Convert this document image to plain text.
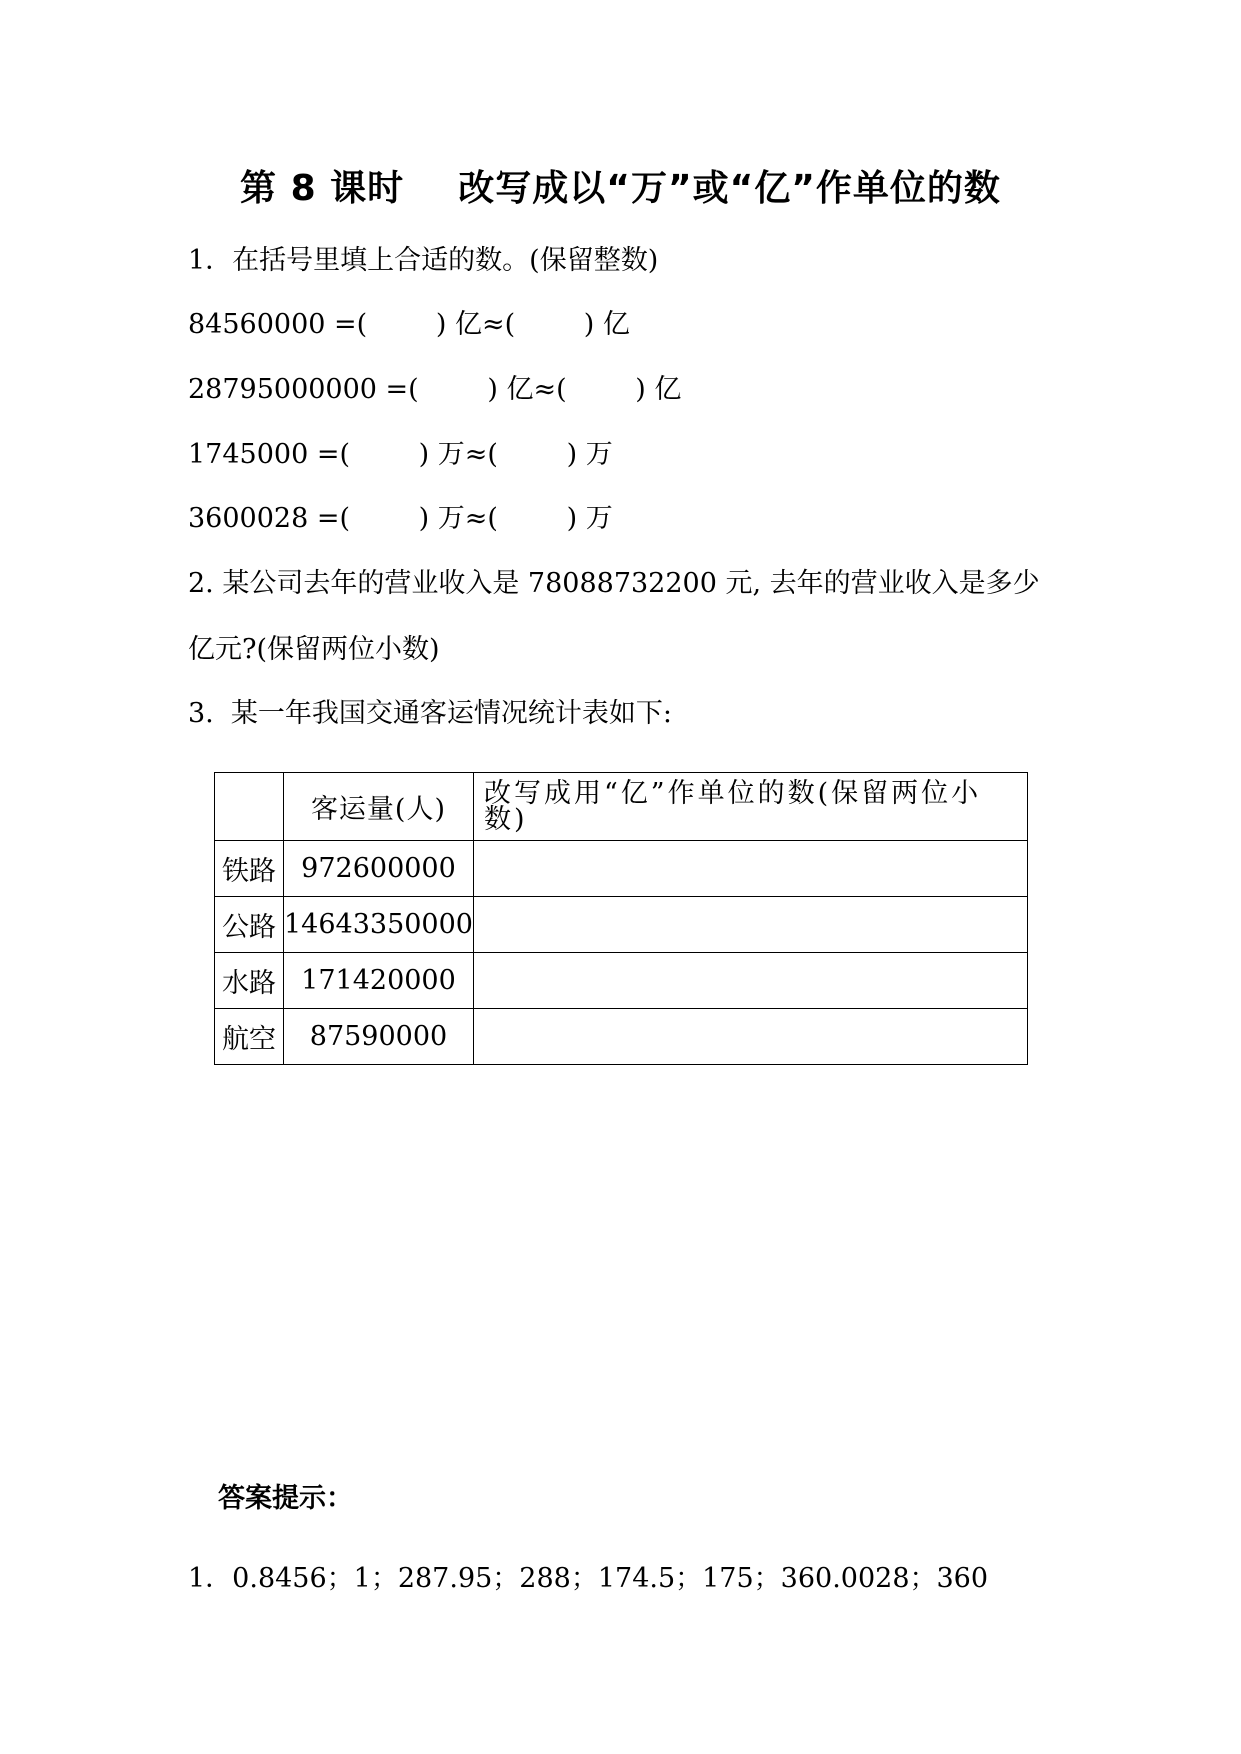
第 8 课时    改写成以“万”或“亿”作单位的数
1．在括号里填上合适的数。(保留整数)
84560000 =(        ) 亿≈(        ) 亿
28795000000 =(        ) 亿≈(        ) 亿
1745000 =(        ) 万≈(        ) 万
3600028 =(        ) 万≈(        ) 万
2. 某公司去年的营业收入是 78088732200 元, 去年的营业收入是多少
亿元?(保留两位小数)
3.  某一年我国交通客运情况统计表如下:
	客运量(人)	改写成用“亿”作单位的数(保留两位小数)
铁路	972600000	
公路	14643350000	
水路	171420000	
航空	87590000	
答案提示：
1．0.8456；1；287.95；288；174.5；175；360.0028；360
